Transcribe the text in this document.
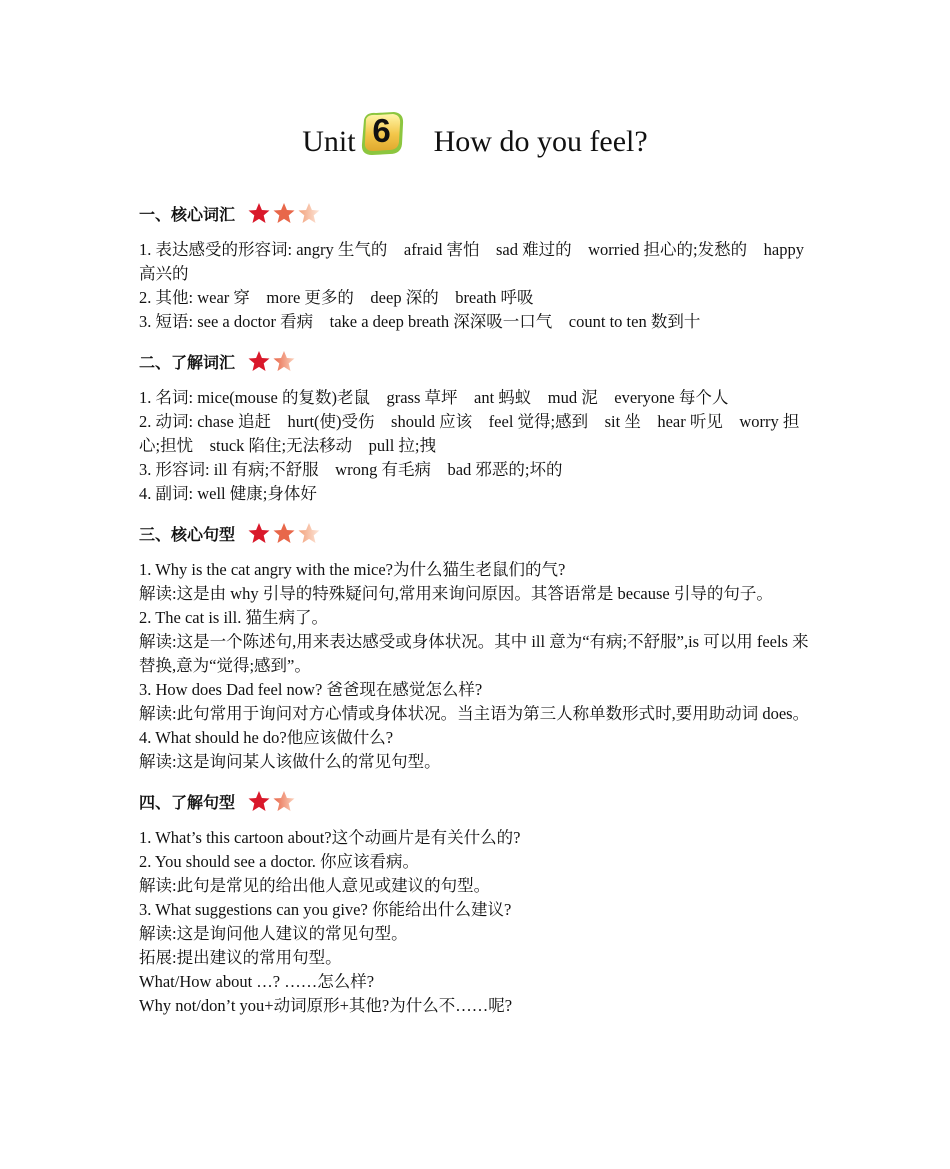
Unit 6	How do you feel?
一、核心词汇
1. 表达感受的形容词: angry 生气的　afraid 害怕　sad 难过的　worried 担心的;发愁的　happy 高兴的
2. 其他: wear 穿　more 更多的　deep 深的　breath 呼吸
3. 短语: see a doctor 看病　take a deep breath 深深吸一口气　count to ten 数到十
二、了解词汇
1. 名词: mice(mouse 的复数)老鼠　grass 草坪　ant 蚂蚁　mud 泥　everyone 每个人
2. 动词: chase 追赶　hurt(使)受伤　should 应该　feel 觉得;感到　sit 坐　hear 听见　worry 担心;担忧　stuck 陷住;无法移动　pull 拉;拽
3. 形容词: ill 有病;不舒服　wrong 有毛病　bad 邪恶的;坏的
4. 副词: well 健康;身体好
三、核心句型
1. Why is the cat angry with the mice?为什么猫生老鼠们的气?
解读:这是由 why 引导的特殊疑问句,常用来询问原因。其答语常是 because 引导的句子。
2. The cat is ill. 猫生病了。
解读:这是一个陈述句,用来表达感受或身体状况。其中 ill 意为“有病;不舒服”,is 可以用 feels 来替换,意为“觉得;感到”。
3. How does Dad feel now? 爸爸现在感觉怎么样?
解读:此句常用于询问对方心情或身体状况。当主语为第三人称单数形式时,要用助动词 does。
4. What should he do?他应该做什么?
解读:这是询问某人该做什么的常见句型。
四、了解句型
1. What’s this cartoon about?这个动画片是有关什么的?
2. You should see a doctor. 你应该看病。
解读:此句是常见的给出他人意见或建议的句型。
3. What suggestions can you give? 你能给出什么建议?
解读:这是询问他人建议的常见句型。
拓展:提出建议的常用句型。
What/How about …? ……怎么样?
Why not/don’t you+动词原形+其他?为什么不……呢?
